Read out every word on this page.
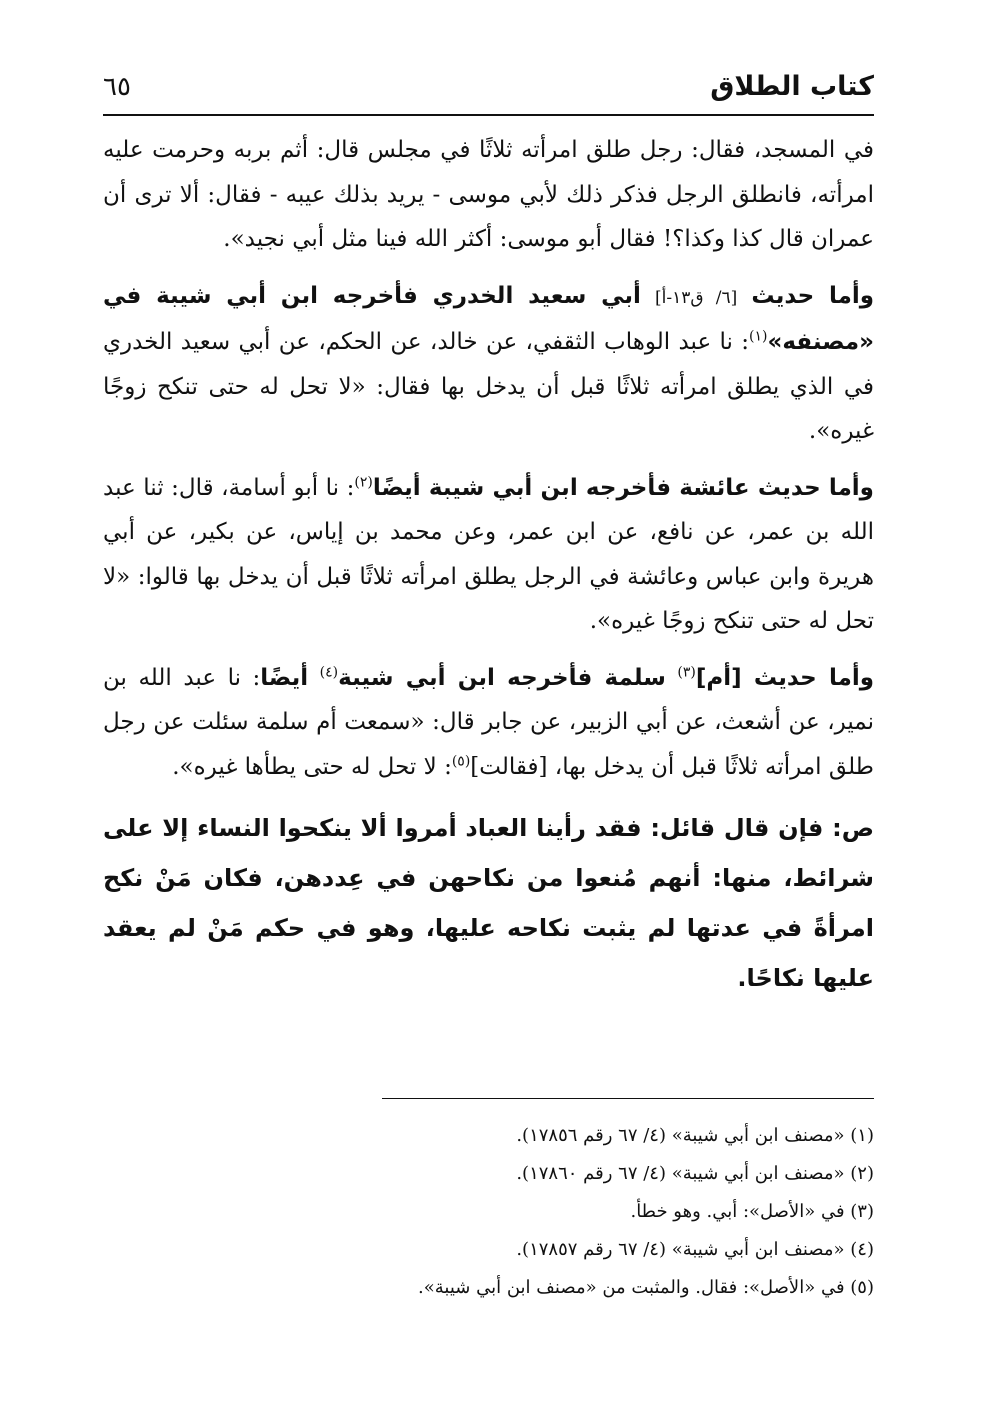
كتاب الطلاق
٦٥

في المسجد، فقال: رجل طلق امرأته ثلاثًا في مجلس قال: أثم بربه وحرمت عليه امرأته، فانطلق الرجل فذكر ذلك لأبي موسى - يريد بذلك عيبه - فقال: ألا ترى أن عمران قال كذا وكذا؟! فقال أبو موسى: أكثر الله فينا مثل أبي نجيد».

وأما حديث [٦/ ق١٣-أ] أبي سعيد الخدري فأخرجه ابن أبي شيبة في «مصنفه»$^{(١)}$: نا عبد الوهاب الثقفي، عن خالد، عن الحكم، عن أبي سعيد الخدري في الذي يطلق امرأته ثلاثًا قبل أن يدخل بها فقال: «لا تحل له حتى تنكح زوجًا غيره».

وأما حديث عائشة فأخرجه ابن أبي شيبة أيضًا$^{(٢)}$: نا أبو أسامة، قال: ثنا عبد الله بن عمر، عن نافع، عن ابن عمر، وعن محمد بن إياس، عن بكير، عن أبي هريرة وابن عباس وعائشة في الرجل يطلق امرأته ثلاثًا قبل أن يدخل بها قالوا: «لا تحل له حتى تنكح زوجًا غيره».

وأما حديث [أم]$^{(٣)}$ سلمة فأخرجه ابن أبي شيبة$^{(٤)}$ أيضًا: نا عبد الله بن نمير، عن أشعث، عن أبي الزبير، عن جابر قال: «سمعت أم سلمة سئلت عن رجل طلق امرأته ثلاثًا قبل أن يدخل بها، [فقالت]$^{(٥)}$: لا تحل له حتى يطأها غيره».

ص: فإن قال قائل: فقد رأينا العباد أمروا ألا ينكحوا النساء إلا على شرائط، منها: أنهم مُنعوا من نكاحهن في عِددهن، فكان مَنْ نكح امرأةً في عدتها لم يثبت نكاحه عليها، وهو في حكم مَنْ لم يعقد عليها نكاحًا.

(١) «مصنف ابن أبي شيبة» (٤/ ٦٧ رقم ١٧٨٥٦).
(٢) «مصنف ابن أبي شيبة» (٤/ ٦٧ رقم ١٧٨٦٠).
(٣) في «الأصل»: أبي. وهو خطأ.
(٤) «مصنف ابن أبي شيبة» (٤/ ٦٧ رقم ١٧٨٥٧).
(٥) في «الأصل»: فقال. والمثبت من «مصنف ابن أبي شيبة».
